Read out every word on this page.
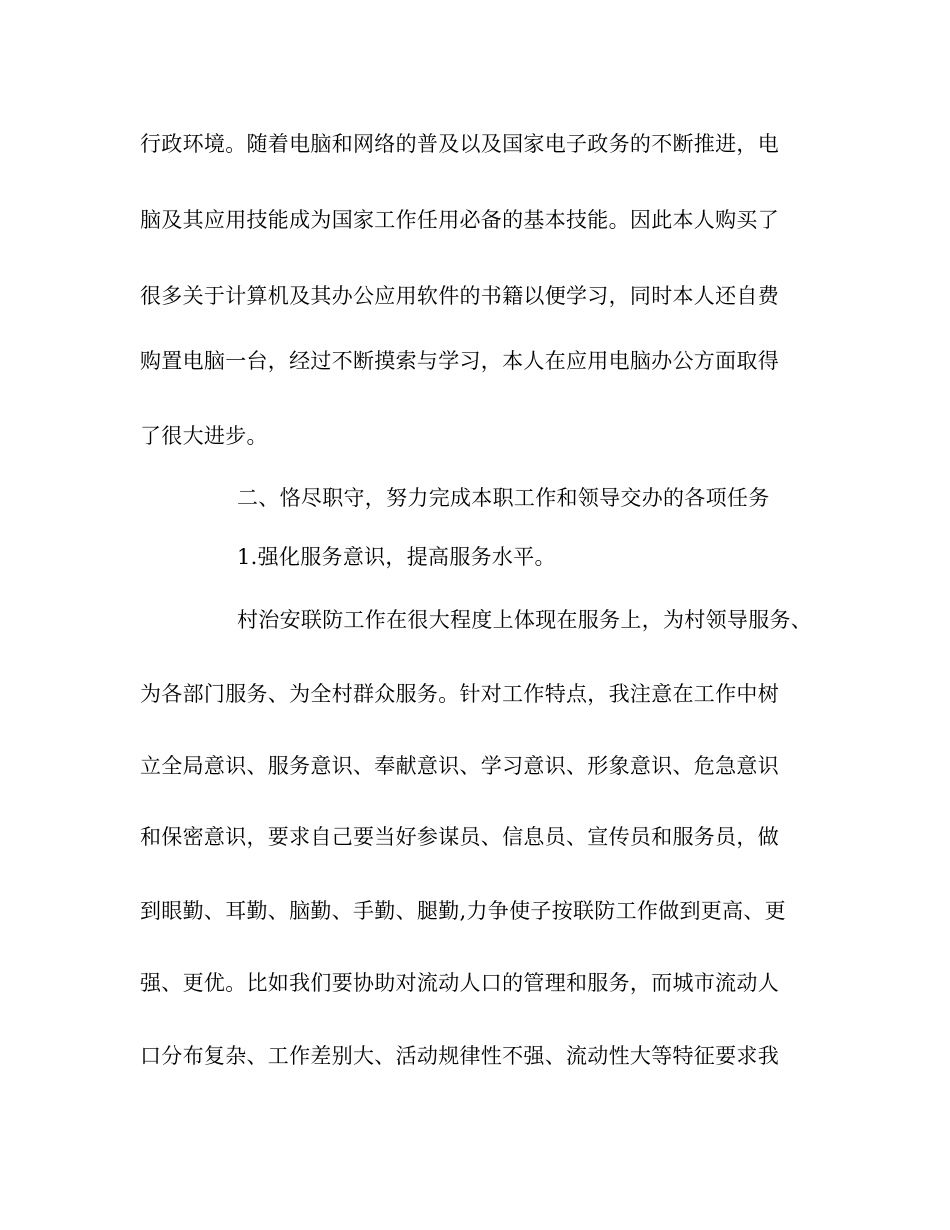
行政环境。随着电脑和网络的普及以及国家电子政务的不断推进，电
脑及其应用技能成为国家工作任用必备的基本技能。因此本人购买了
很多关于计算机及其办公应用软件的书籍以便学习，同时本人还自费
购置电脑一台，经过不断摸索与学习，本人在应用电脑办公方面取得
了很大进步。
二、恪尽职守，努力完成本职工作和领导交办的各项任务
1.强化服务意识，提高服务水平。
村治安联防工作在很大程度上体现在服务上，为村领导服务、
为各部门服务、为全村群众服务。针对工作特点，我注意在工作中树
立全局意识、服务意识、奉献意识、学习意识、形象意识、危急意识
和保密意识，要求自己要当好参谋员、信息员、宣传员和服务员，做
到眼勤、耳勤、脑勤、手勤、腿勤,力争使子按联防工作做到更高、更
强、更优。比如我们要协助对流动人口的管理和服务，而城市流动人
口分布复杂、工作差别大、活动规律性不强、流动性大等特征要求我
